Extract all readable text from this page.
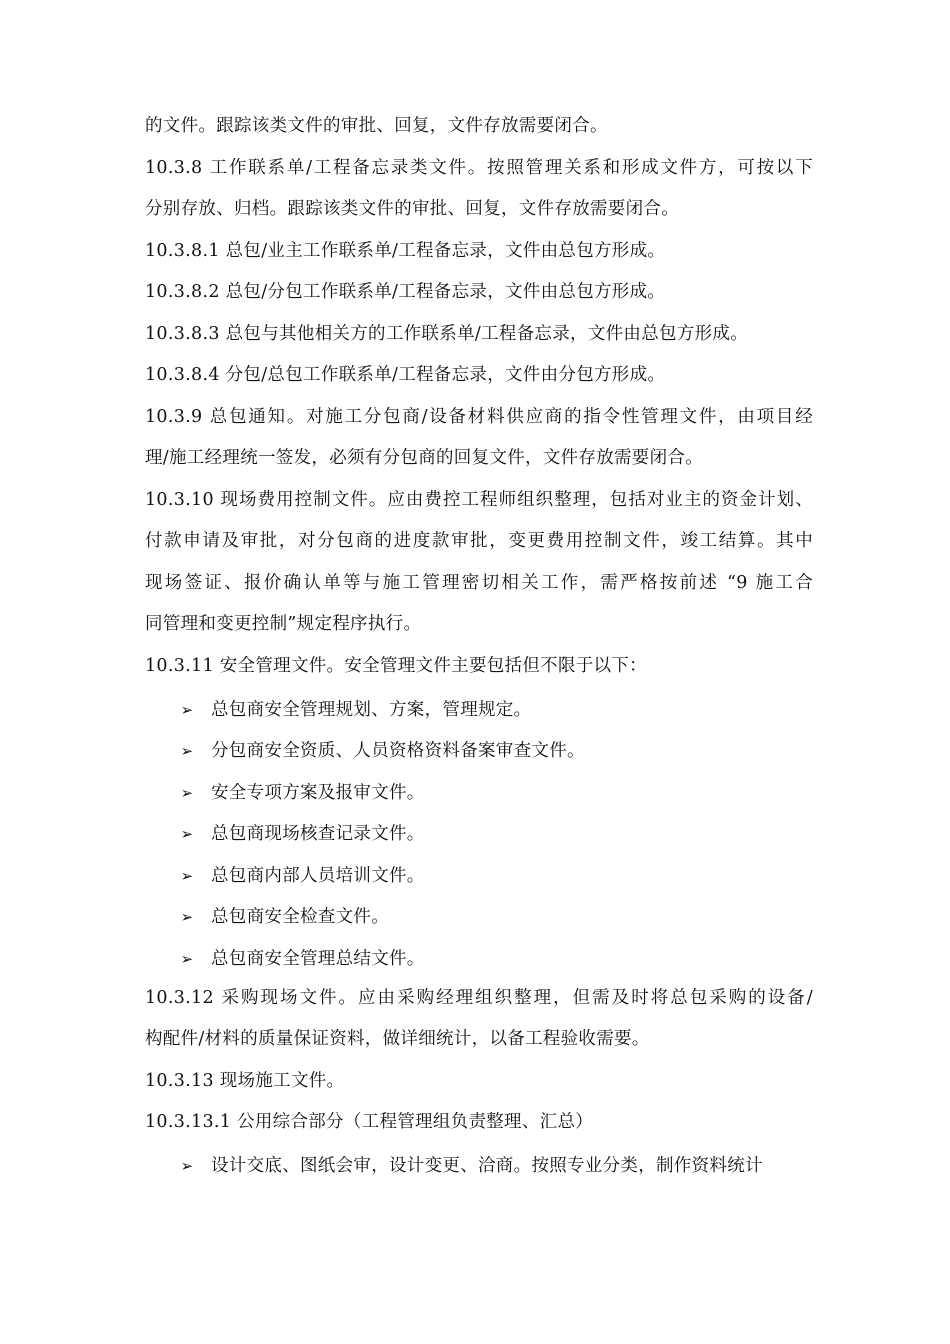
的文件。跟踪该类文件的审批、回复，文件存放需要闭合。
10.3.8 工作联系单/工程备忘录类文件。按照管理关系和形成文件方，可按以下
分别存放、归档。跟踪该类文件的审批、回复，文件存放需要闭合。
10.3.8.1 总包/业主工作联系单/工程备忘录，文件由总包方形成。
10.3.8.2 总包/分包工作联系单/工程备忘录，文件由总包方形成。
10.3.8.3 总包与其他相关方的工作联系单/工程备忘录，文件由总包方形成。
10.3.8.4 分包/总包工作联系单/工程备忘录，文件由分包方形成。
10.3.9 总包通知。对施工分包商/设备材料供应商的指令性管理文件，由项目经
理/施工经理统一签发，必须有分包商的回复文件，文件存放需要闭合。
10.3.10 现场费用控制文件。应由费控工程师组织整理，包括对业主的资金计划、
付款申请及审批，对分包商的进度款审批，变更费用控制文件，竣工结算。其中
现场签证、报价确认单等与施工管理密切相关工作，需严格按前述 “9 施工合
同管理和变更控制”规定程序执行。
10.3.11 安全管理文件。安全管理文件主要包括但不限于以下：
➢ 总包商安全管理规划、方案，管理规定。
➢ 分包商安全资质、人员资格资料备案审查文件。
➢ 安全专项方案及报审文件。
➢ 总包商现场核查记录文件。
➢ 总包商内部人员培训文件。
➢ 总包商安全检查文件。
➢ 总包商安全管理总结文件。
10.3.12 采购现场文件。应由采购经理组织整理，但需及时将总包采购的设备/
构配件/材料的质量保证资料，做详细统计，以备工程验收需要。
10.3.13 现场施工文件。
10.3.13.1 公用综合部分（工程管理组负责整理、汇总）
➢ 设计交底、图纸会审，设计变更、洽商。按照专业分类，制作资料统计
